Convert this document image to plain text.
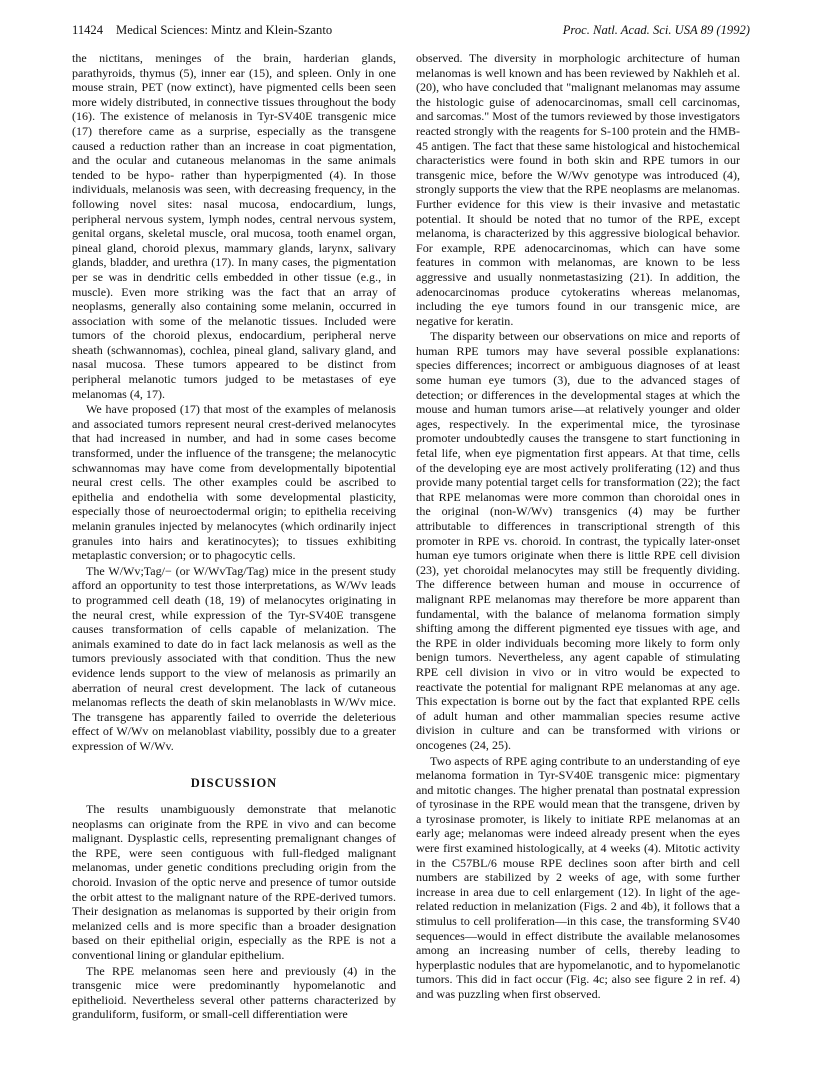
11424 Medical Sciences: Mintz and Klein-Szanto	Proc. Natl. Acad. Sci. USA 89 (1992)

the nictitans, meninges of the brain, harderian glands, parathyroids, thymus (5), inner ear (15), and spleen. Only in one mouse strain, PET (now extinct), have pigmented cells been seen more widely distributed, in connective tissues throughout the body (16). The existence of melanosis in Tyr-SV40E transgenic mice (17) therefore came as a surprise, especially as the transgene caused a reduction rather than an increase in coat pigmentation, and the ocular and cutaneous melanomas in the same animals tended to be hypo- rather than hyperpigmented (4). In those individuals, melanosis was seen, with decreasing frequency, in the following novel sites: nasal mucosa, endocardium, lungs, peripheral nervous system, lymph nodes, central nervous system, genital organs, skeletal muscle, oral mucosa, tooth enamel organ, pineal gland, choroid plexus, mammary glands, larynx, salivary glands, bladder, and urethra (17). In many cases, the pigmentation per se was in dendritic cells embedded in other tissue (e.g., in muscle). Even more striking was the fact that an array of neoplasms, generally also containing some melanin, occurred in association with some of the melanotic tissues. Included were tumors of the choroid plexus, endocardium, peripheral nerve sheath (schwannomas), cochlea, pineal gland, salivary gland, and nasal mucosa. These tumors appeared to be distinct from peripheral melanotic tumors judged to be metastases of eye melanomas (4, 17).

We have proposed (17) that most of the examples of melanosis and associated tumors represent neural crest-derived melanocytes that had increased in number, and had in some cases become transformed, under the influence of the transgene; the melanocytic schwannomas may have come from developmentally bipotential neural crest cells. The other examples could be ascribed to epithelia and endothelia with some developmental plasticity, especially those of neuroectodermal origin; to epithelia receiving melanin granules injected by melanocytes (which ordinarily inject granules into hairs and keratinocytes); to tissues exhibiting metaplastic conversion; or to phagocytic cells.

The W/Wv;Tag/− (or W/WvTag/Tag) mice in the present study afford an opportunity to test those interpretations, as W/Wv leads to programmed cell death (18, 19) of melanocytes originating in the neural crest, while expression of the Tyr-SV40E transgene causes transformation of cells capable of melanization. The animals examined to date do in fact lack melanosis as well as the tumors previously associated with that condition. Thus the new evidence lends support to the view of melanosis as primarily an aberration of neural crest development. The lack of cutaneous melanomas reflects the death of skin melanoblasts in W/Wv mice. The transgene has apparently failed to override the deleterious effect of W/Wv on melanoblast viability, possibly due to a greater expression of W/Wv.

DISCUSSION

The results unambiguously demonstrate that melanotic neoplasms can originate from the RPE in vivo and can become malignant. Dysplastic cells, representing premalignant changes of the RPE, were seen contiguous with full-fledged malignant melanomas, under genetic conditions precluding origin from the choroid. Invasion of the optic nerve and presence of tumor outside the orbit attest to the malignant nature of the RPE-derived tumors. Their designation as melanomas is supported by their origin from melanized cells and is more specific than a broader designation based on their epithelial origin, especially as the RPE is not a conventional lining or glandular epithelium.

The RPE melanomas seen here and previously (4) in the transgenic mice were predominantly hypomelanotic and epithelioid. Nevertheless several other patterns characterized by granduliform, fusiform, or small-cell differentiation were

observed. The diversity in morphologic architecture of human melanomas is well known and has been reviewed by Nakhleh et al. (20), who have concluded that "malignant melanomas may assume the histologic guise of adenocarcinomas, small cell carcinomas, and sarcomas." Most of the tumors reviewed by those investigators reacted strongly with the reagents for S-100 protein and the HMB-45 antigen. The fact that these same histological and histochemical characteristics were found in both skin and RPE tumors in our transgenic mice, before the W/Wv genotype was introduced (4), strongly supports the view that the RPE neoplasms are melanomas. Further evidence for this view is their invasive and metastatic potential. It should be noted that no tumor of the RPE, except melanoma, is characterized by this aggressive biological behavior. For example, RPE adenocarcinomas, which can have some features in common with melanomas, are known to be less aggressive and usually nonmetastasizing (21). In addition, the adenocarcinomas produce cytokeratins whereas melanomas, including the eye tumors found in our transgenic mice, are negative for keratin.

The disparity between our observations on mice and reports of human RPE tumors may have several possible explanations: species differences; incorrect or ambiguous diagnoses of at least some human eye tumors (3), due to the advanced stages of detection; or differences in the developmental stages at which the mouse and human tumors arise—at relatively younger and older ages, respectively. In the experimental mice, the tyrosinase promoter undoubtedly causes the transgene to start functioning in fetal life, when eye pigmentation first appears. At that time, cells of the developing eye are most actively proliferating (12) and thus provide many potential target cells for transformation (22); the fact that RPE melanomas were more common than choroidal ones in the original (non-W/Wv) transgenics (4) may be further attributable to differences in transcriptional strength of this promoter in RPE vs. choroid. In contrast, the typically later-onset human eye tumors originate when there is little RPE cell division (23), yet choroidal melanocytes may still be frequently dividing. The difference between human and mouse in occurrence of malignant RPE melanomas may therefore be more apparent than fundamental, with the balance of melanoma formation simply shifting among the different pigmented eye tissues with age, and the RPE in older individuals becoming more likely to form only benign tumors. Nevertheless, any agent capable of stimulating RPE cell division in vivo or in vitro would be expected to reactivate the potential for malignant RPE melanomas at any age. This expectation is borne out by the fact that explanted RPE cells of adult human and other mammalian species resume active division in culture and can be transformed with virions or oncogenes (24, 25).

Two aspects of RPE aging contribute to an understanding of eye melanoma formation in Tyr-SV40E transgenic mice: pigmentary and mitotic changes. The higher prenatal than postnatal expression of tyrosinase in the RPE would mean that the transgene, driven by a tyrosinase promoter, is likely to initiate RPE melanomas at an early age; melanomas were indeed already present when the eyes were first examined histologically, at 4 weeks (4). Mitotic activity in the C57BL/6 mouse RPE declines soon after birth and cell numbers are stabilized by 2 weeks of age, with some further increase in area due to cell enlargement (12). In light of the age-related reduction in melanization (Figs. 2 and 4b), it follows that a stimulus to cell proliferation—in this case, the transforming SV40 sequences—would in effect distribute the available melanosomes among an increasing number of cells, thereby leading to hyperplastic nodules that are hypomelanotic, and to hypomelanotic tumors. This did in fact occur (Fig. 4c; also see figure 2 in ref. 4) and was puzzling when first observed.
